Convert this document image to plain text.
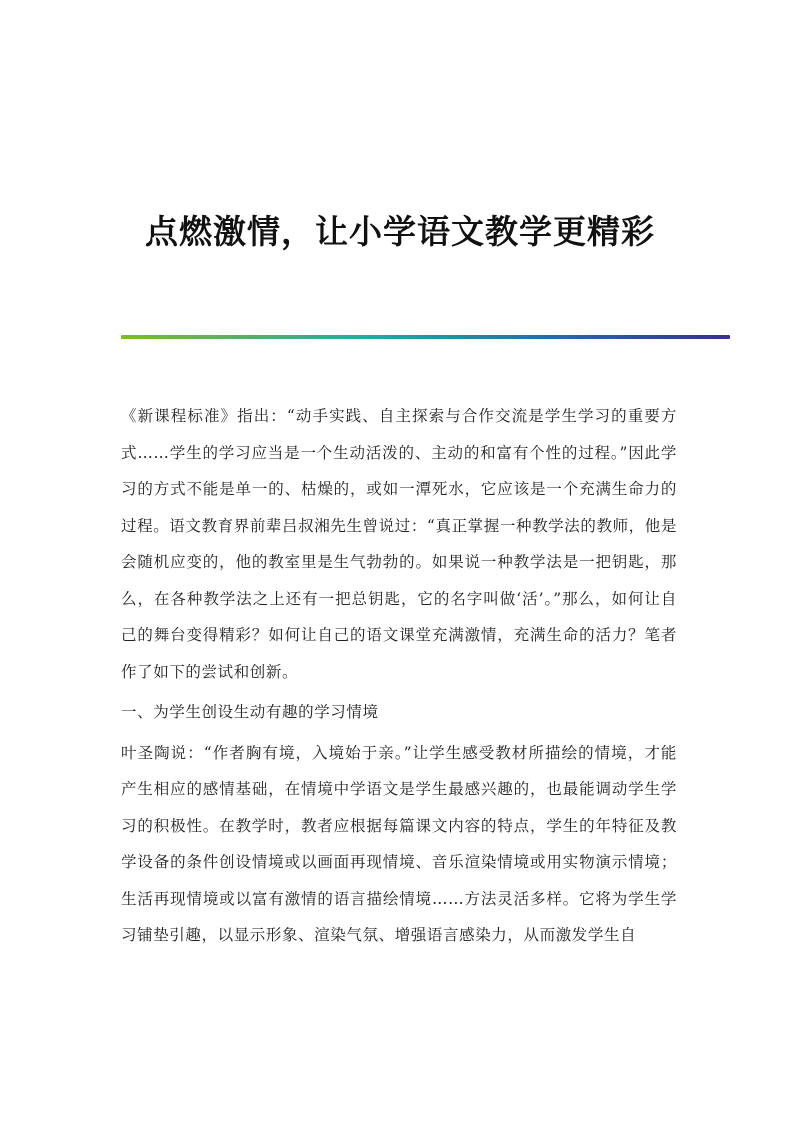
点燃激情，让小学语文教学更精彩

《新课程标准》指出：“动手实践、自主探索与合作交流是学生学习的重要方式……学生的学习应当是一个生动活泼的、主动的和富有个性的过程。”因此学习的方式不能是单一的、枯燥的，或如一潭死水，它应该是一个充满生命力的过程。语文教育界前辈吕叔湘先生曾说过：“真正掌握一种教学法的教师，他是会随机应变的，他的教室里是生气勃勃的。如果说一种教学法是一把钥匙，那么，在各种教学法之上还有一把总钥匙，它的名字叫做‘活’。”那么，如何让自己的舞台变得精彩？如何让自己的语文课堂充满激情，充满生命的活力？笔者作了如下的尝试和创新。

一、为学生创设生动有趣的学习情境

叶圣陶说：“作者胸有境，入境始于亲。”让学生感受教材所描绘的情境，才能产生相应的感情基础，在情境中学语文是学生最感兴趣的，也最能调动学生学习的积极性。在教学时，教者应根据每篇课文内容的特点，学生的年特征及教学设备的条件创设情境或以画面再现情境、音乐渲染情境或用实物演示情境；生活再现情境或以富有激情的语言描绘情境……方法灵活多样。它将为学生学习铺垫引趣，以显示形象、渲染气氛、增强语言感染力，从而激发学生自
